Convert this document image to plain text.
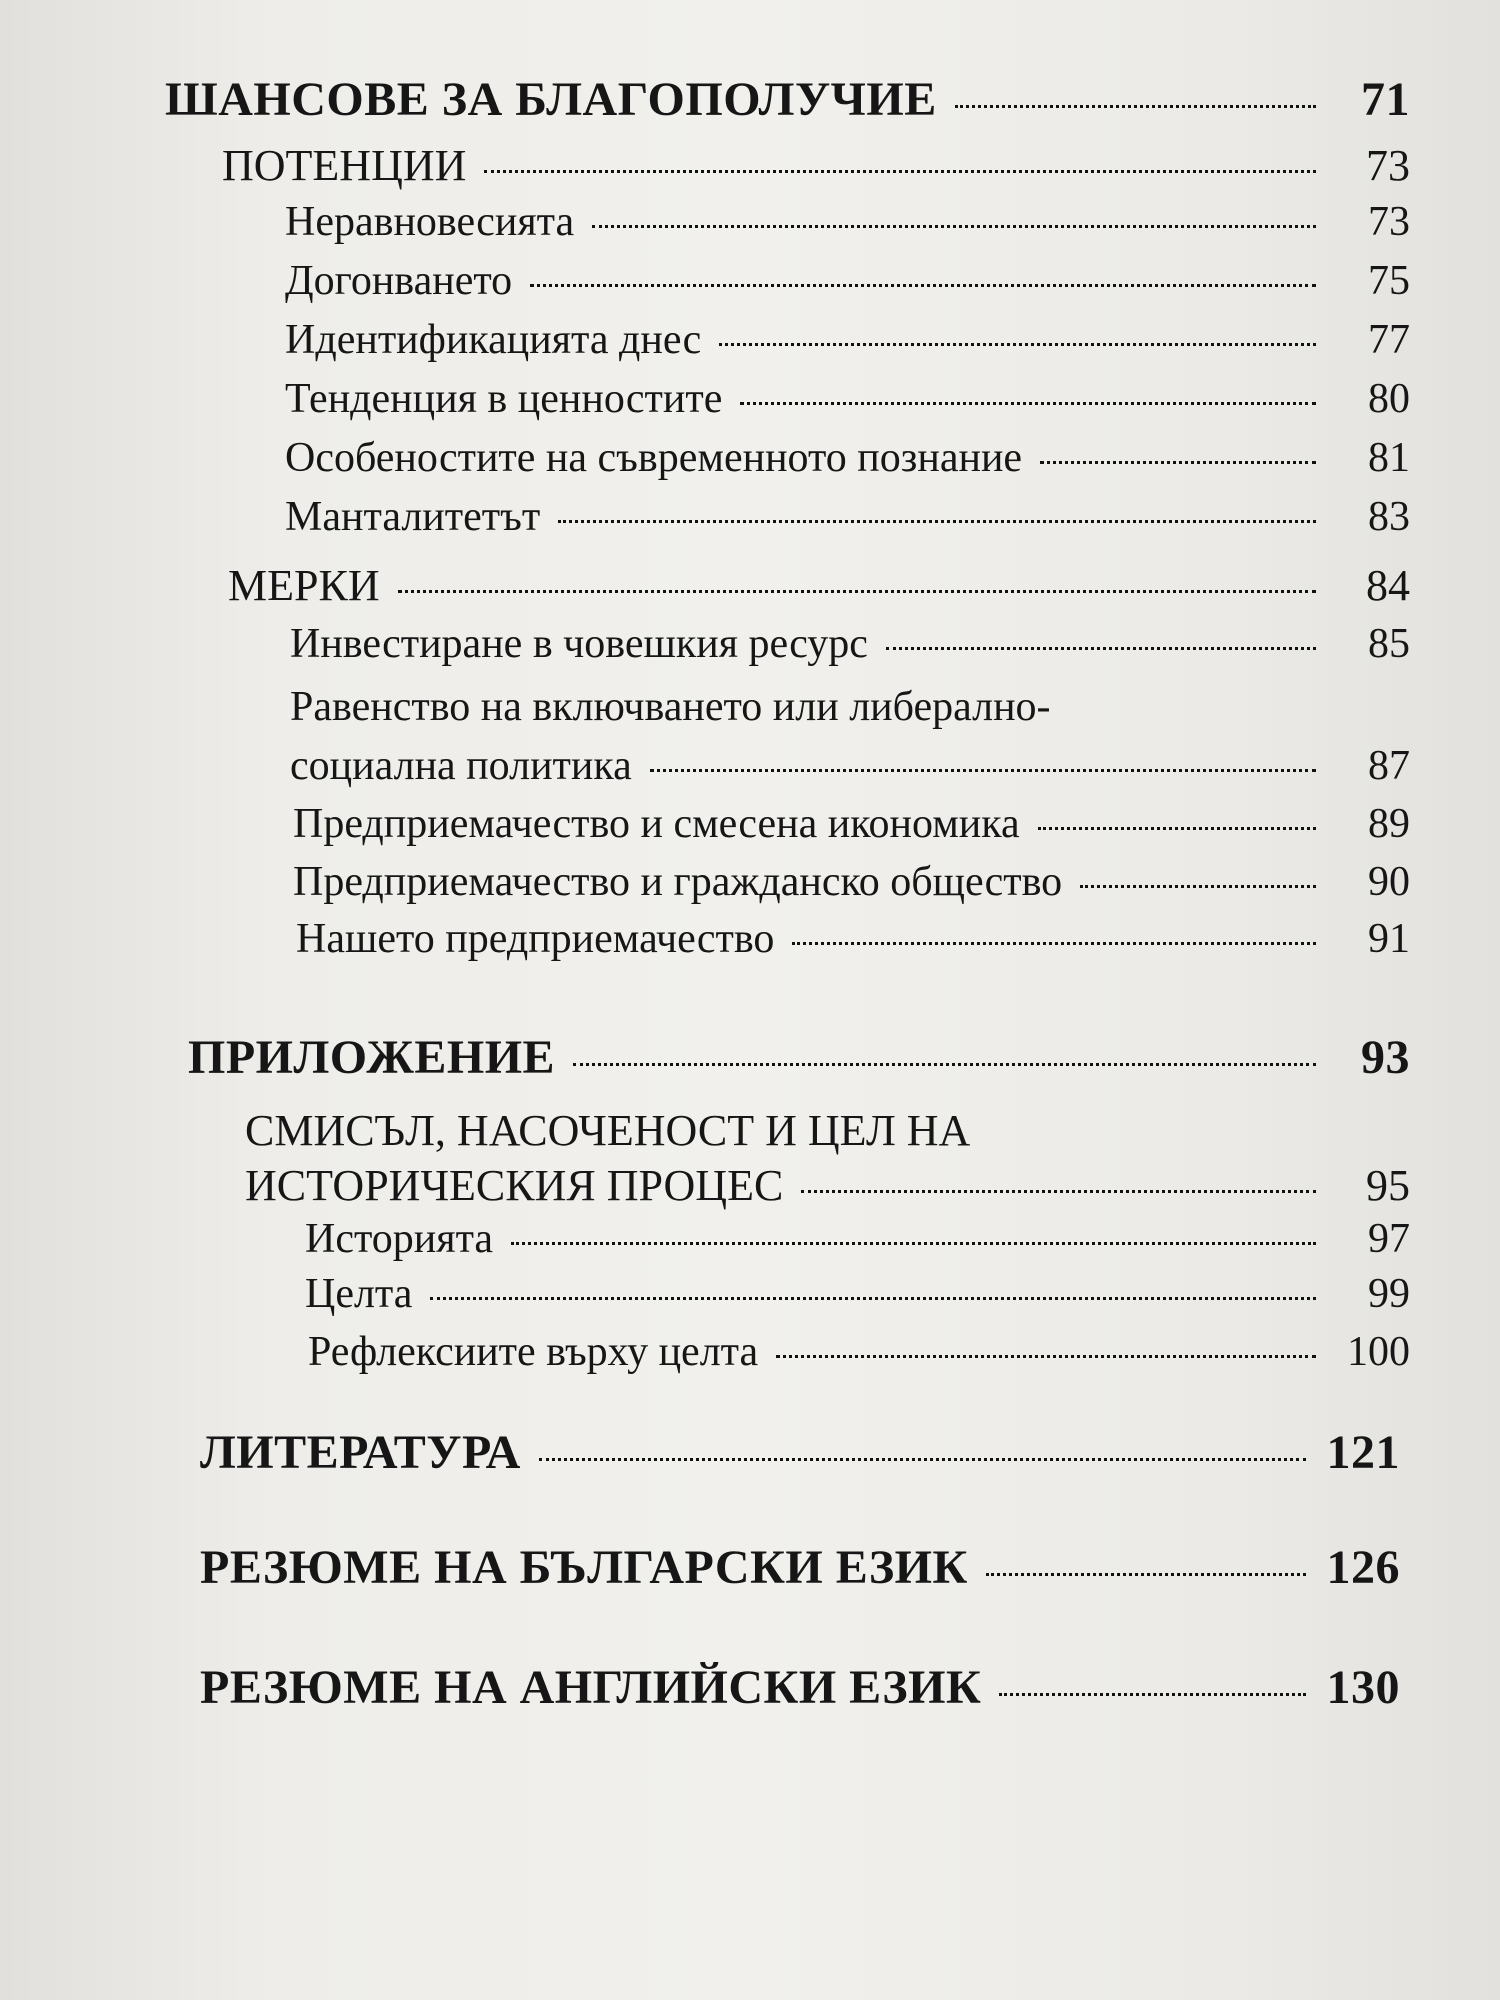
ШАНСОВЕ ЗА БЛАГОПОЛУЧИЕ	71
ПОТЕНЦИИ	73
Неравновесията	73
Догонването	75
Идентификацията днес	77
Тенденция в ценностите	80
Особеностите на съвременното познание	81
Манталитетът	83
МЕРКИ	84
Инвестиране в човешкия ресурс	85
Равенство на включването или либерално-
социална политика	87
Предприемачество и смесена икономика	89
Предприемачество и гражданско общество	90
Нашето предприемачество	91
ПРИЛОЖЕНИЕ	93
СМИСЪЛ, НАСОЧЕНОСТ И ЦЕЛ НА
ИСТОРИЧЕСКИЯ ПРОЦЕС	95
Историята	97
Целта	99
Рефлексиите върху целта	100
ЛИТЕРАТУРА	121
РЕЗЮМЕ НА БЪЛГАРСКИ ЕЗИК	126
РЕЗЮМЕ НА АНГЛИЙСКИ ЕЗИК	130
